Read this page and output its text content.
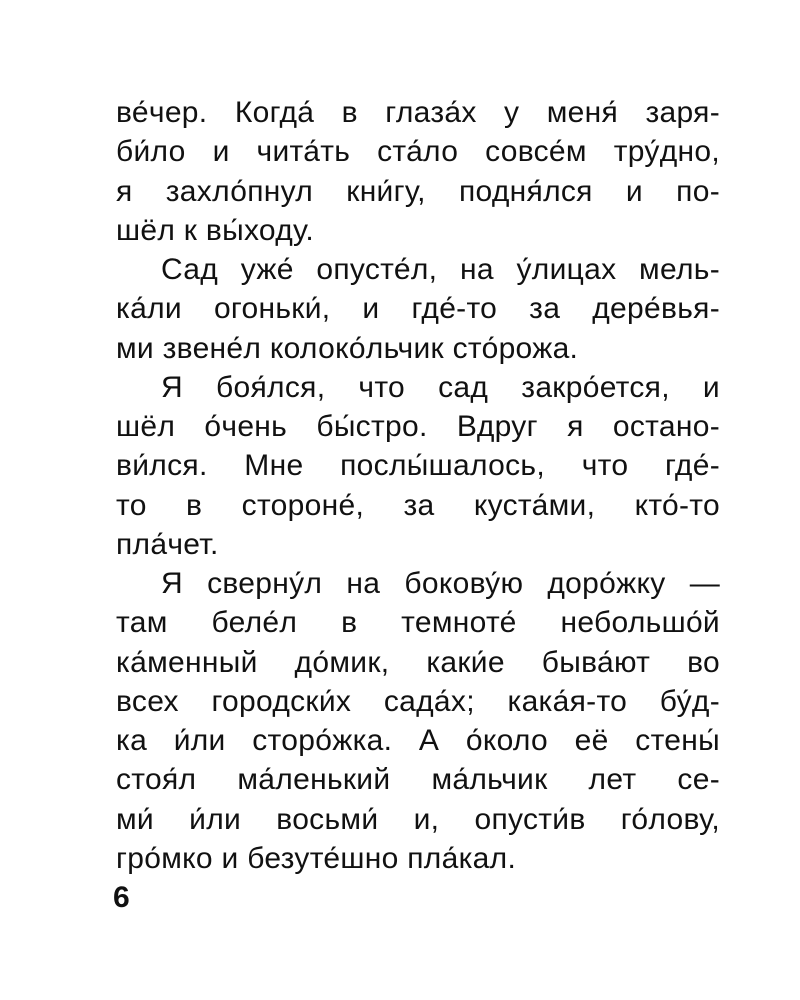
ве́чер. Когда́ в глаза́х у меня́ заря-
би́ло и чита́ть ста́ло совсе́м тру́дно,
я захло́пнул кни́гу, подня́лся и по-
шёл к вы́ходу.
Сад уже́ опусте́л, на у́лицах мель-
ка́ли огоньки́, и где́-то за дере́вья-
ми звене́л колоко́льчик сто́рожа.
Я боя́лся, что сад закро́ется, и
шёл о́чень бы́стро. Вдруг я остано-
ви́лся. Мне послы́шалось, что где́-
то в стороне́, за куста́ми, кто́-то
пла́чет.
Я сверну́л на бокову́ю доро́жку —
там беле́л в темноте́ небольшо́й
ка́менный до́мик, каки́е быва́ют во
всех городски́х сада́х; кака́я-то бу́д-
ка и́ли сторо́жка. А о́коло её стены́
стоя́л ма́ленький ма́льчик лет се-
ми́ и́ли восьми́ и, опусти́в го́лову,
гро́мко и безуте́шно пла́кал.
6
